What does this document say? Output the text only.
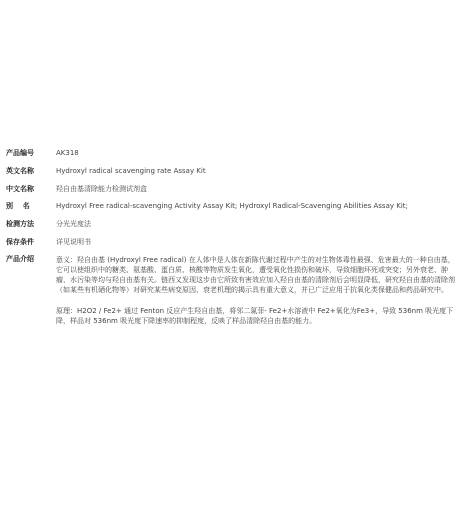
产品编号	AK318
英文名称	Hydroxyl radical scavenging rate Assay Kit
中文名称	羟自由基清除能力检测试剂盒
别    名	Hydroxyl Free radical-scavenging Activity Assay Kit; Hydroxyl Radical-Scavenging Abilities Assay Kit;
检测方法	分光光度法
保存条件	详见说明书
产品介绍	意义：羟自由基 (Hydroxyl Free radical) 在人体中是人体在新陈代谢过程中产生的对生物体毒性最强、危害最大的一种自由基，它可以使组织中的糖类、氨基酸、蛋白质、核酸等物质发生氧化，遭受氧化性损伤和破坏，导致细胞坏死或突变；另外衰老、肿瘤、水污染等均与羟自由基有关。链西又发现这步由它所致有害效应加入羟自由基的清除剂后会明显降低，研究羟自由基的清除剂（如某些有机硒化物等）对研究某些病变原因、衰老机理的揭示具有重大意义，并已广泛应用于抗氧化类保健品和药品研究中。

原理：H2O2 / Fe2+ 通过 Fenton 反应产生羟自由基，将邻二氮菲- Fe2+水溶液中 Fe2+氧化为Fe3+，导致 536nm 吸光度下降，样品对 536nm 吸光度下降速率的抑制程度，反映了样品清除羟自由基的能力。
